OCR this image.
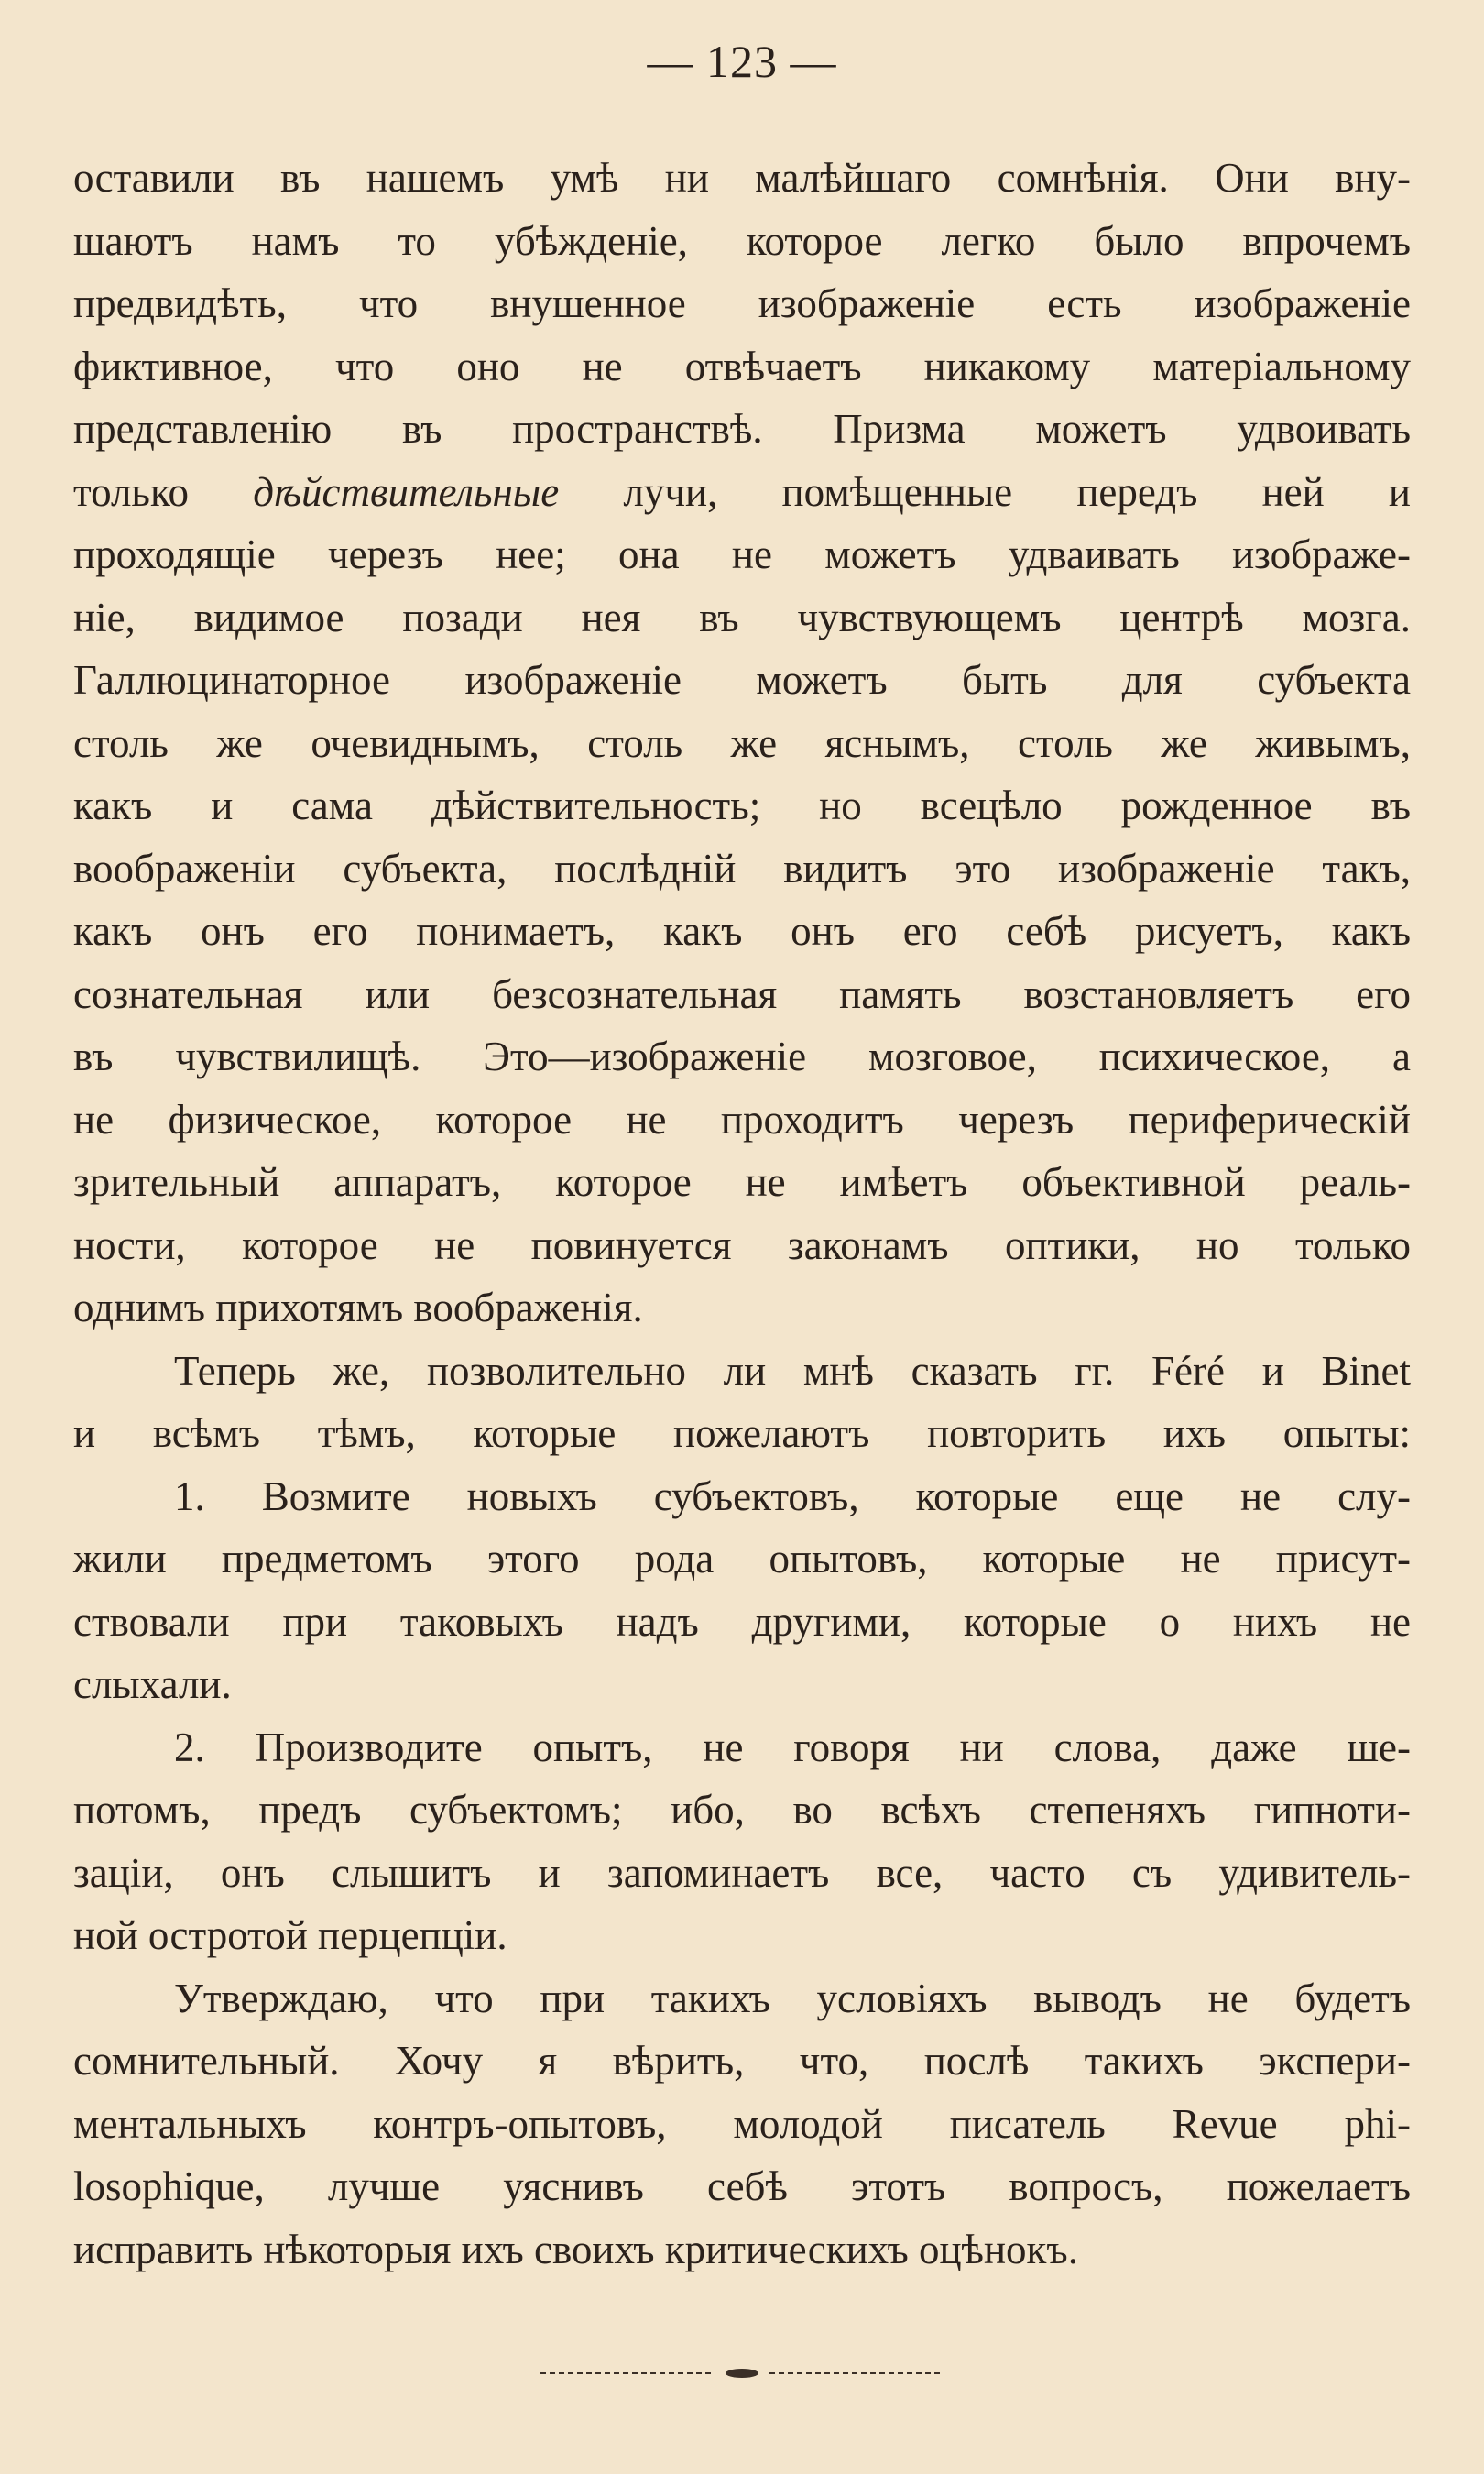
— 123 —
оставили въ нашемъ умѣ ни малѣйшаго сомнѣнія. Они вну-
шаютъ намъ то убѣжденіе, которое легко было впрочемъ
предвидѣть, что внушенное изображеніе есть изображеніе
фиктивное, что оно не отвѣчаетъ никакому матеріальному
представленію въ пространствѣ. Призма можетъ удвоивать
только дѣйствительные лучи, помѣщенные передъ ней и
проходящіе черезъ нее; она не можетъ удваивать изображе-
ніе, видимое позади нея въ чувствующемъ центрѣ мозга.
Галлюцинаторное изображеніе можетъ быть для субъекта
столь же очевиднымъ, столь же яснымъ, столь же живымъ,
какъ и сама дѣйствительность; но всецѣло рожденное въ
воображеніи субъекта, послѣдній видитъ это изображеніе такъ,
какъ онъ его понимаетъ, какъ онъ его себѣ рисуетъ, какъ
сознательная или безсознательная память возстановляетъ его
въ чувствилищѣ. Это—изображеніе мозговое, психическое, а
не физическое, которое не проходитъ черезъ периферическій
зрительный аппаратъ, которое не имѣетъ объективной реаль-
ности, которое не повинуется законамъ оптики, но только
однимъ прихотямъ воображенія.
Теперь же, позволительно ли мнѣ сказать гг. Féré и Binet
и всѣмъ тѣмъ, которые пожелаютъ повторить ихъ опыты:
1. Возмите новыхъ субъектовъ, которые еще не слу-
жили предметомъ этого рода опытовъ, которые не присут-
ствовали при таковыхъ надъ другими, которые о нихъ не
слыхали.
2. Производите опытъ, не говоря ни слова, даже ше-
потомъ, предъ субъектомъ; ибо, во всѣхъ степеняхъ гипноти-
заціи, онъ слышитъ и запоминаетъ все, часто съ удивитель-
ной остротой перцепціи.
Утверждаю, что при такихъ условіяхъ выводъ не будетъ
сомнительный. Хочу я вѣрить, что, послѣ такихъ экспери-
ментальныхъ контръ-опытовъ, молодой писатель Revue phi-
losophique, лучше уяснивъ себѣ этотъ вопросъ, пожелаетъ
исправить нѣкоторыя ихъ своихъ критическихъ оцѣнокъ.
